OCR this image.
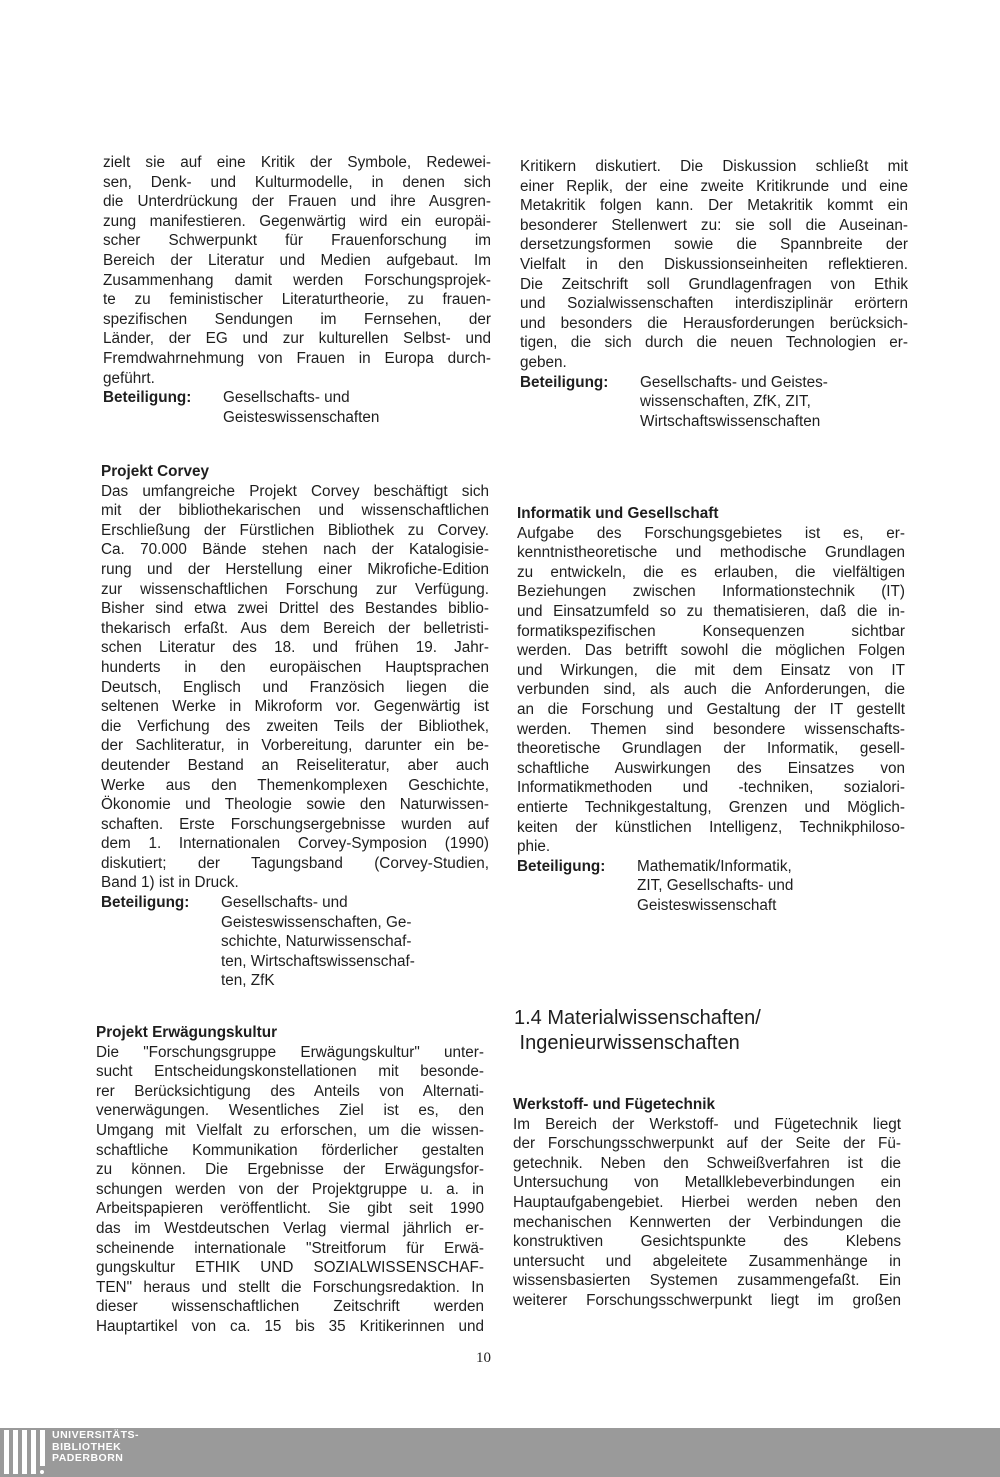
zielt sie auf eine Kritik der Symbole, Redewei-
sen, Denk- und Kulturmodelle, in denen sich
die Unterdrückung der Frauen und ihre Ausgren-
zung manifestieren. Gegenwärtig wird ein europäi-
scher Schwerpunkt für Frauenforschung im
Bereich der Literatur und Medien aufgebaut. Im
Zusammenhang damit werden Forschungsprojek-
te zu feministischer Literaturtheorie, zu frauen-
spezifischen Sendungen im Fernsehen, der
Länder, der EG und zur kulturellen Selbst- und
Fremdwahrnehmung von Frauen in Europa durch-
geführt.
Beteiligung: Gesellschafts- und
Geisteswissenschaften
Projekt Corvey
Das umfangreiche Projekt Corvey beschäftigt sich
mit der bibliothekarischen und wissenschaftlichen
Erschließung der Fürstlichen Bibliothek zu Corvey.
Ca. 70.000 Bände stehen nach der Katalogisie-
rung und der Herstellung einer Mikrofiche-Edition
zur wissenschaftlichen Forschung zur Verfügung.
Bisher sind etwa zwei Drittel des Bestandes biblio-
thekarisch erfaßt. Aus dem Bereich der belletristi-
schen Literatur des 18. und frühen 19. Jahr-
hunderts in den europäischen Hauptsprachen
Deutsch, Englisch und Französich liegen die
seltenen Werke in Mikroform vor. Gegenwärtig ist
die Verfichung des zweiten Teils der Bibliothek,
der Sachliteratur, in Vorbereitung, darunter ein be-
deutender Bestand an Reiseliteratur, aber auch
Werke aus den Themenkomplexen Geschichte,
Ökonomie und Theologie sowie den Naturwissen-
schaften. Erste Forschungsergebnisse wurden auf
dem 1. Internationalen Corvey-Symposion (1990)
diskutiert; der Tagungsband (Corvey-Studien,
Band 1) ist in Druck.
Beteiligung: Gesellschafts- und
Geisteswissenschaften, Ge-
schichte, Naturwissenschaf-
ten, Wirtschaftswissenschaf-
ten, ZfK
Projekt Erwägungskultur
Die "Forschungsgruppe Erwägungskultur" unter-
sucht Entscheidungskonstellationen mit besonde-
rer Berücksichtigung des Anteils von Alternati-
venerwägungen. Wesentliches Ziel ist es, den
Umgang mit Vielfalt zu erforschen, um die wissen-
schaftliche Kommunikation förderlicher gestalten
zu können. Die Ergebnisse der Erwägungsfor-
schungen werden von der Projektgruppe u. a. in
Arbeitspapieren veröffentlicht. Sie gibt seit 1990
das im Westdeutschen Verlag viermal jährlich er-
scheinende internationale "Streitforum für Erwä-
gungskultur ETHIK UND SOZIALWISSENSCHAF-
TEN" heraus und stellt die Forschungsredaktion. In
dieser wissenschaftlichen Zeitschrift werden
Hauptartikel von ca. 15 bis 35 Kritikerinnen und
Kritikern diskutiert. Die Diskussion schließt mit
einer Replik, der eine zweite Kritikrunde und eine
Metakritik folgen kann. Der Metakritik kommt ein
besonderer Stellenwert zu: sie soll die Auseinan-
dersetzungsformen sowie die Spannbreite der
Vielfalt in den Diskussionseinheiten reflektieren.
Die Zeitschrift soll Grundlagenfragen von Ethik
und Sozialwissenschaften interdisziplinär erörtern
und besonders die Herausforderungen berücksich-
tigen, die sich durch die neuen Technologien er-
geben.
Beteiligung: Gesellschafts- und Geistes-
wissenschaften, ZfK, ZIT,
Wirtschaftswissenschaften
Informatik und Gesellschaft
Aufgabe des Forschungsgebietes ist es, er-
kenntnistheoretische und methodische Grundlagen
zu entwickeln, die es erlauben, die vielfältigen
Beziehungen zwischen Informationstechnik (IT)
und Einsatzumfeld so zu thematisieren, daß die in-
formatikspezifischen Konsequenzen sichtbar
werden. Das betrifft sowohl die möglichen Folgen
und Wirkungen, die mit dem Einsatz von IT
verbunden sind, als auch die Anforderungen, die
an die Forschung und Gestaltung der IT gestellt
werden. Themen sind besondere wissenschafts-
theoretische Grundlagen der Informatik, gesell-
schaftliche Auswirkungen des Einsatzes von
Informatikmethoden und -techniken, sozialori-
entierte Technikgestaltung, Grenzen und Möglich-
keiten der künstlichen Intelligenz, Technikphiloso-
phie.
Beteiligung: Mathematik/Informatik,
ZIT, Gesellschafts- und
Geisteswissenschaft
1.4 Materialwissenschaften/
Ingenieurwissenschaften
Werkstoff- und Fügetechnik
Im Bereich der Werkstoff- und Fügetechnik liegt
der Forschungsschwerpunkt auf der Seite der Fü-
getechnik. Neben den Schweißverfahren ist die
Untersuchung von Metallklebeverbindungen ein
Hauptaufgabengebiet. Hierbei werden neben den
mechanischen Kennwerten der Verbindungen die
konstruktiven Gesichtspunkte des Klebens
untersucht und abgeleitete Zusammenhänge in
wissensbasierten Systemen zusammengefaßt. Ein
weiterer Forschungsschwerpunkt liegt im großen
10
UNIVERSITÄTS-
BIBLIOTHEK
PADERBORN
